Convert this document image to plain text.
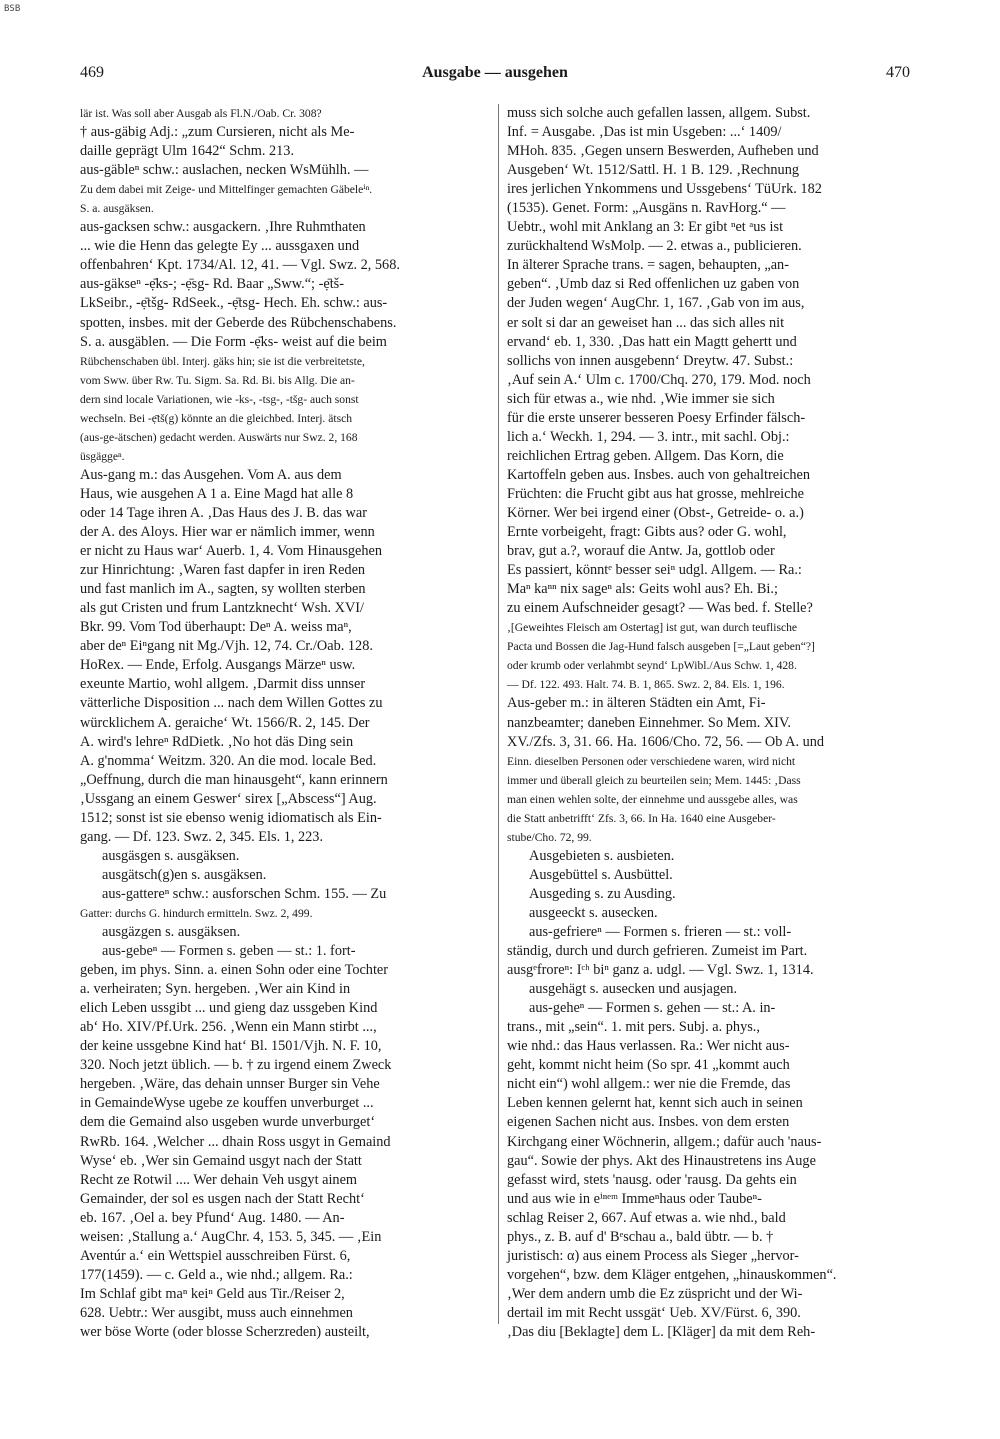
BSB
469	Ausgabe — ausgehen	470
lär ist. Was soll aber Ausgab als Fl.N./Oab. Cr. 308?
† aus-gäbig Adj.: „zum Cursieren, nicht als Me-
daille geprägt Ulm 1642“ Schm. 213.
aus-gäbleⁿ schw.: auslachen, necken WsMühlh. —
Zu dem dabei mit Zeige- und Mittelfinger gemachten Gäbeleⁱⁿ.
S. a. ausgäksen.
aus-gacksen schw.: ausgackern. ‚Ihre Ruhmthaten
... wie die Henn das gelegte Ey ... aussgaxen und
offenbahren‘ Kpt. 1734/Al. 12, 41. — Vgl. Swz. 2, 568.
aus-gäkseⁿ -ẹ̄ks-; -ẹ̄sg- Rd. Baar „Sww.“; -ẹ̄tš-
LkSeibr., -ẹ̄tšg- RdSeek., -ẹ̄tsg- Hech. Eh. schw.: aus-
spotten, insbes. mit der Geberde des Rübchenschabens.
S. a. ausgäblen. — Die Form -ẹ̄ks- weist auf die beim
Rübchenschaben übl. Interj. gäks hin; sie ist die verbreitetste,
vom Sww. über Rw. Tu. Sigm. Sa. Rd. Bi. bis Allg. Die an-
dern sind locale Variationen, wie -ks-, -tsg-, -tšg- auch sonst
wechseln. Bei -ẹ̄tš(g) könnte an die gleichbed. Interj. ätsch
(aus-ge-ätschen) gedacht werden. Auswärts nur Swz. 2, 168
üsgäggeⁿ.
Aus-gang m.: das Ausgehen. Vom A. aus dem
Haus, wie ausgehen A 1 a. Eine Magd hat alle 8
oder 14 Tage ihren A. ‚Das Haus des J. B. das war
der A. des Aloys. Hier war er nämlich immer, wenn
er nicht zu Haus war‘ Auerb. 1, 4. Vom Hinausgehen
zur Hinrichtung: ‚Waren fast dapfer in iren Reden
und fast manlich im A., sagten, sy wollten sterben
als gut Cristen und frum Lantzknecht‘ Wsh. XVI/
Bkr. 99. Vom Tod überhaupt: Deⁿ A. weiss maⁿ,
aber deⁿ Eiⁿgang nit Mg./Vjh. 12, 74. Cr./Oab. 128.
HoRex. — Ende, Erfolg. Ausgangs Märzeⁿ usw.
exeunte Martio, wohl allgem. ‚Darmit diss unnser
vätterliche Disposition ... nach dem Willen Gottes zu
würcklichem A. geraiche‘ Wt. 1566/R. 2, 145. Der
A. wird's lehreⁿ RdDietk. ‚No hot däs Ding sein
A. g'nomma‘ Weitzm. 320. An die mod. locale Bed.
„Oeffnung, durch die man hinausgeht“, kann erinnern
‚Ussgang an einem Geswer‘ sirex [„Abscess“] Aug.
1512; sonst ist sie ebenso wenig idiomatisch als Ein-
gang. — Df. 123. Swz. 2, 345. Els. 1, 223.
ausgäsgen s. ausgäksen.
ausgätsch(g)en s. ausgäksen.
aus-gattereⁿ schw.: ausforschen Schm. 155. — Zu
Gatter: durchs G. hindurch ermitteln. Swz. 2, 499.
ausgäzgen s. ausgäksen.
aus-gebeⁿ — Formen s. geben — st.: 1. fort-
geben, im phys. Sinn. a. einen Sohn oder eine Tochter
a. verheiraten; Syn. hergeben. ‚Wer ain Kind in
elich Leben ussgibt ... und gieng daz ussgeben Kind
ab‘ Ho. XIV/Pf.Urk. 256. ‚Wenn ein Mann stirbt ...,
der keine ussgebne Kind hat‘ Bl. 1501/Vjh. N. F. 10,
320. Noch jetzt üblich. — b. † zu irgend einem Zweck
hergeben. ‚Wäre, das dehain unnser Burger sin Vehe
in GemaindeWyse ugebe ze kouffen unverburget ...
dem die Gemaind also usgeben wurde unverburget‘
RwRb. 164. ‚Welcher ... dhain Ross usgyt in Gemaind
Wyse‘ eb. ‚Wer sin Gemaind usgyt nach der Statt
Recht ze Rotwil .... Wer dehain Veh usgyt ainem
Gemainder, der sol es usgen nach der Statt Recht‘
eb. 167. ‚Oel a. bey Pfund‘ Aug. 1480. — An-
weisen: ‚Stallung a.‘ AugChr. 4, 153. 5, 345. — ‚Ein
Aventúr a.‘ ein Wettspiel ausschreiben Fürst. 6,
177(1459). — c. Geld a., wie nhd.; allgem. Ra.:
Im Schlaf gibt maⁿ keiⁿ Geld aus Tir./Reiser 2,
628. Uebtr.: Wer ausgibt, muss auch einnehmen
wer böse Worte (oder blosse Scherzreden) austeilt,
muss sich solche auch gefallen lassen, allgem. Subst.
Inf. = Ausgabe. ‚Das ist min Usgeben: ...‘ 1409/
MHoh. 835. ‚Gegen unsern Beswerden, Aufheben und
Ausgeben‘ Wt. 1512/Sattl. H. 1 B. 129. ‚Rechnung
ires jerlichen Ynkommens und Ussgebens‘ TüUrk. 182
(1535). Genet. Form: „Ausgäns n. RavHorg.“ —
Uebtr., wohl mit Anklang an 3: Er gibt ⁿet ᵃus ist
zurückhaltend WsMolp. — 2. etwas a., publicieren.
In älterer Sprache trans. = sagen, behaupten, „an-
geben“. ‚Umb daz si Red offenlichen uz gaben von
der Juden wegen‘ AugChr. 1, 167. ‚Gab von im aus,
er solt si dar an geweiset han ... das sich alles nit
ervand‘ eb. 1, 330. ‚Das hatt ein Magtt gehertt und
sollichs von innen ausgebenn‘ Dreytw. 47. Subst.:
‚Auf sein A.‘ Ulm c. 1700/Chq. 270, 179. Mod. noch
sich für etwas a., wie nhd. ‚Wie immer sie sich
für die erste unserer besseren Poesy Erfinder fälsch-
lich a.‘ Weckh. 1, 294. — 3. intr., mit sachl. Obj.:
reichlichen Ertrag geben. Allgem. Das Korn, die
Kartoffeln geben aus. Insbes. auch von gehaltreichen
Früchten: die Frucht gibt aus hat grosse, mehlreiche
Körner. Wer bei irgend einer (Obst-, Getreide- o. a.)
Ernte vorbeigeht, fragt: Gibts aus? oder G. wohl,
brav, gut a.?, worauf die Antw. Ja, gottlob oder
Es passiert, könntᵉ besser seiⁿ udgl. Allgem. — Ra.:
Maⁿ kaⁿⁿ nix sageⁿ als: Geits wohl aus? Eh. Bi.;
zu einem Aufschneider gesagt? — Was bed. f. Stelle?
‚[Geweihtes Fleisch am Ostertag] ist gut, wan durch teuflische
Pacta und Bossen die Jag-Hund falsch ausgeben [=„Laut geben“?]
oder krumb oder verlahmbt seynd‘ LpWibl./Aus Schw. 1, 428.
— Df. 122. 493. Halt. 74. B. 1, 865. Swz. 2, 84. Els. 1, 196.
Aus-geber m.: in älteren Städten ein Amt, Fi-
nanzbeamter; daneben Einnehmer. So Mem. XIV.
XV./Zfs. 3, 31. 66. Ha. 1606/Cho. 72, 56. — Ob A. und
Einn. dieselben Personen oder verschiedene waren, wird nicht
immer und überall gleich zu beurteilen sein; Mem. 1445: ‚Dass
man einen wehlen solte, der einnehme und aussgebe alles, was
die Statt anbetrifft‘ Zfs. 3, 66. In Ha. 1640 eine Ausgeber-
stube/Cho. 72, 99.
Ausgebieten s. ausbieten.
Ausgebüttel s. Ausbüttel.
Ausgeding s. zu Ausding.
ausgeeckt s. ausecken.
aus-gefriereⁿ — Formen s. frieren — st.: voll-
ständig, durch und durch gefrieren. Zumeist im Part.
ausgᵉfroreⁿ: Iᶜʰ biⁿ ganz a. udgl. — Vgl. Swz. 1, 1314.
ausgehägt s. ausecken und ausjagen.
aus-geheⁿ — Formen s. gehen — st.: A. in-
trans., mit „sein“. 1. mit pers. Subj. a. phys.,
wie nhd.: das Haus verlassen. Ra.: Wer nicht aus-
geht, kommt nicht heim (So spr. 41 „kommt auch
nicht ein“) wohl allgem.: wer nie die Fremde, das
Leben kennen gelernt hat, kennt sich auch in seinen
eigenen Sachen nicht aus. Insbes. von dem ersten
Kirchgang einer Wöchnerin, allgem.; dafür auch 'naus-
gau“. Sowie der phys. Akt des Hinaustretens ins Auge
gefasst wird, stets 'nausg. oder 'rausg. Da gehts ein
und aus wie in eⁱⁿᵉᵐ Immeⁿhaus oder Taubeⁿ-
schlag Reiser 2, 667. Auf etwas a. wie nhd., bald
phys., z. B. auf d' Bᵉschau a., bald übtr. — b. †
juristisch: α) aus einem Process als Sieger „hervor-
vorgehen“, bzw. dem Kläger entgehen, „hinauskommen“.
‚Wer dem andern umb die Ez züspricht und der Wi-
dertail im mit Recht ussgät‘ Ueb. XV/Fürst. 6, 390.
‚Das diu [Beklagte] dem L. [Kläger] da mit dem Reh-
